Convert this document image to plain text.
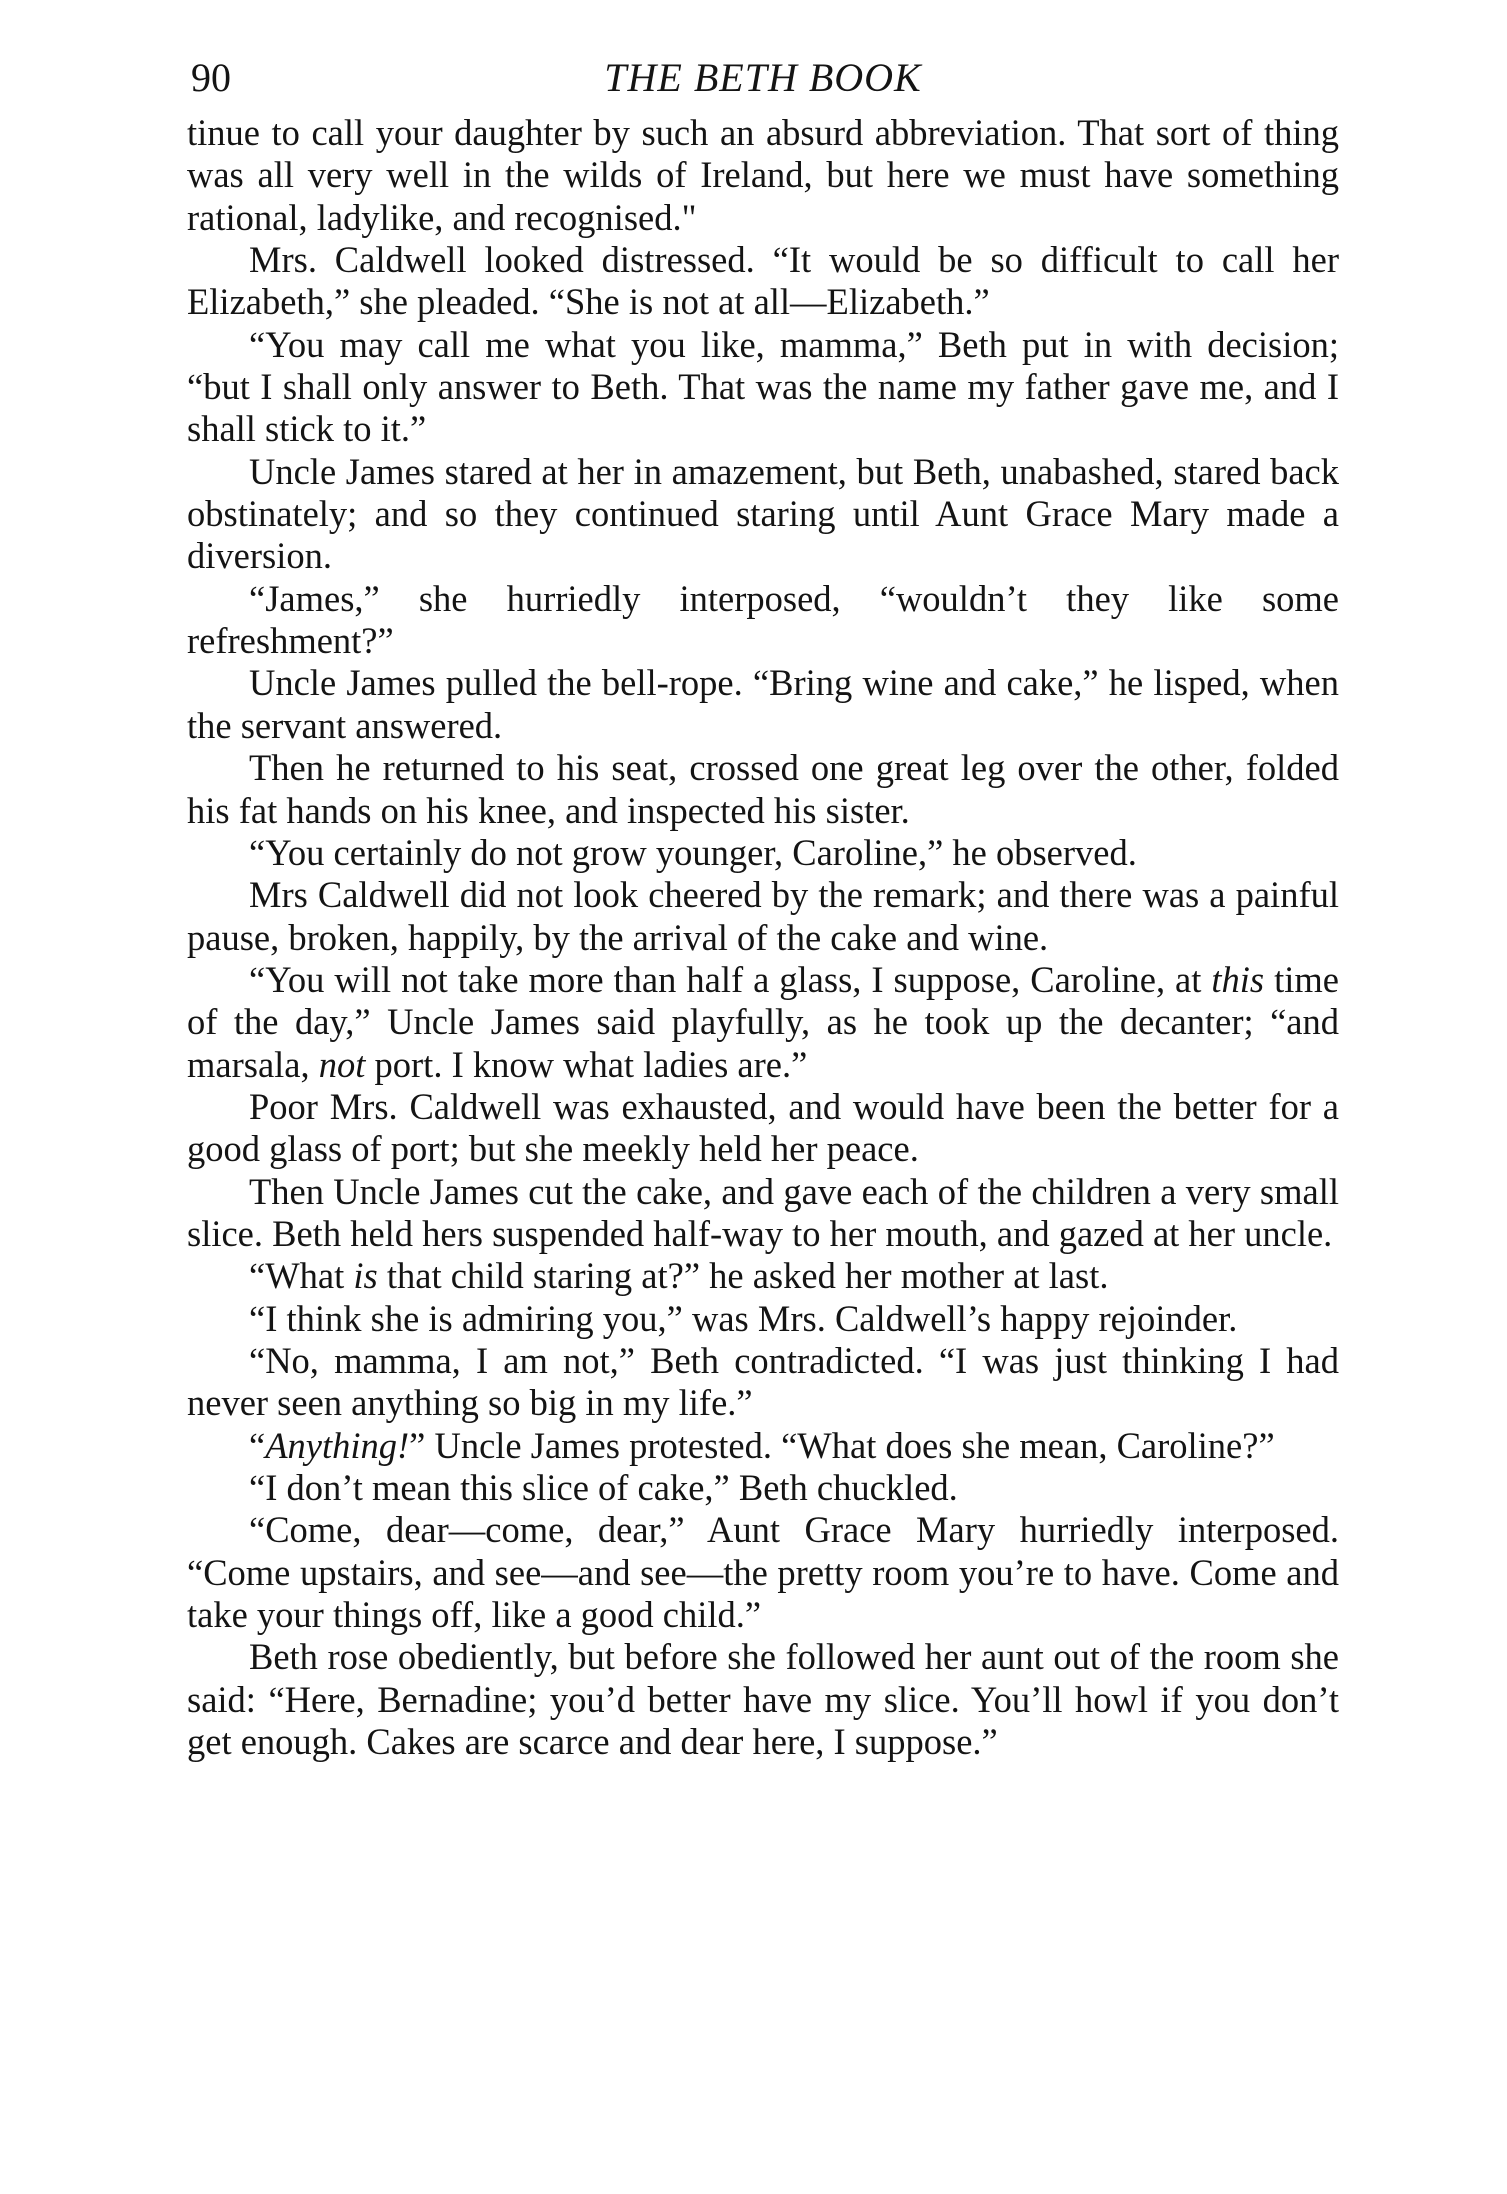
90	THE BETH BOOK

tinue to call your daughter by such an absurd abbreviation. That sort of thing was all very well in the wilds of Ireland, but here we must have something rational, ladylike, and recognised."

Mrs. Caldwell looked distressed. “It would be so difficult to call her Elizabeth,” she pleaded. “She is not at all—Elizabeth.”

“You may call me what you like, mamma,” Beth put in with decision; “but I shall only answer to Beth. That was the name my father gave me, and I shall stick to it.”

Uncle James stared at her in amazement, but Beth, unabashed, stared back obstinately; and so they continued staring until Aunt Grace Mary made a diversion.

“James,” she hurriedly interposed, “wouldn’t they like some refreshment?”

Uncle James pulled the bell-rope. “Bring wine and cake,” he lisped, when the servant answered.

Then he returned to his seat, crossed one great leg over the other, folded his fat hands on his knee, and inspected his sister.

“You certainly do not grow younger, Caroline,” he observed.

Mrs Caldwell did not look cheered by the remark; and there was a painful pause, broken, happily, by the arrival of the cake and wine.

“You will not take more than half a glass, I suppose, Caroline, at this time of the day,” Uncle James said playfully, as he took up the decanter; “and marsala, not port. I know what ladies are.”

Poor Mrs. Caldwell was exhausted, and would have been the better for a good glass of port; but she meekly held her peace.

Then Uncle James cut the cake, and gave each of the children a very small slice. Beth held hers suspended half-way to her mouth, and gazed at her uncle.

“What is that child staring at?” he asked her mother at last.

“I think she is admiring you,” was Mrs. Caldwell’s happy rejoinder.

“No, mamma, I am not,” Beth contradicted. “I was just thinking I had never seen anything so big in my life.”

“Anything!” Uncle James protested. “What does she mean, Caroline?”

“I don’t mean this slice of cake,” Beth chuckled.

“Come, dear—come, dear,” Aunt Grace Mary hurriedly interposed. “Come upstairs, and see—and see—the pretty room you’re to have. Come and take your things off, like a good child.”

Beth rose obediently, but before she followed her aunt out of the room she said: “Here, Bernadine; you’d better have my slice. You’ll howl if you don’t get enough. Cakes are scarce and dear here, I suppose.”
